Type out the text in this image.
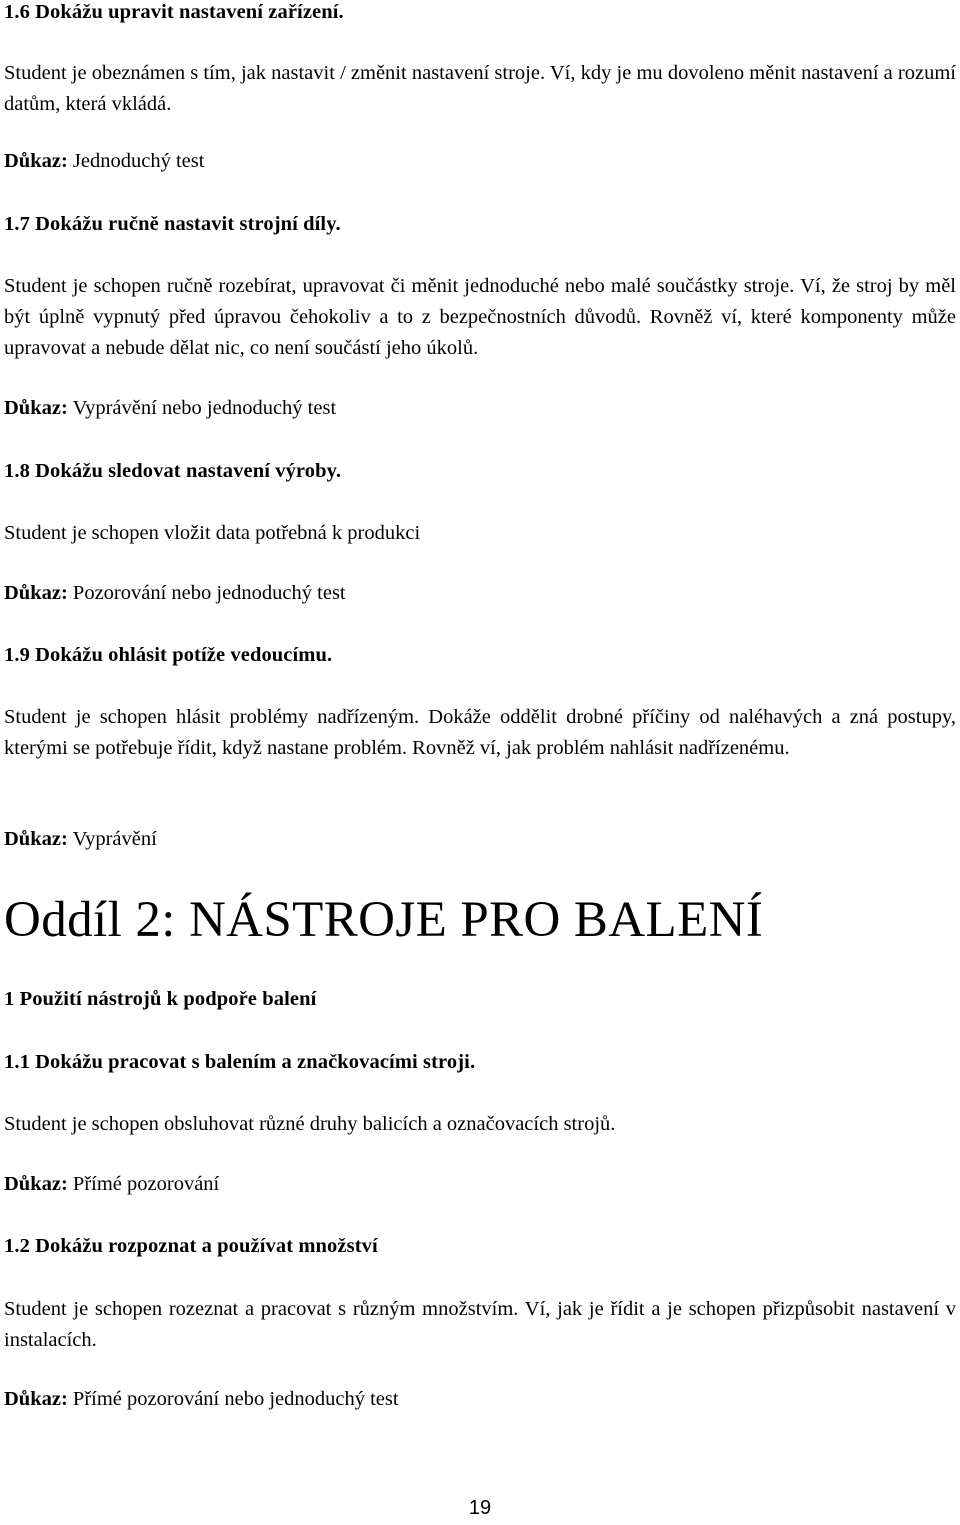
1.6 Dokážu upravit nastavení zařízení.
Student je obeznámen s tím, jak nastavit / změnit nastavení stroje. Ví, kdy je mu dovoleno měnit nastavení a rozumí datům, která vkládá.
Důkaz: Jednoduchý test
1.7 Dokážu ručně nastavit strojní díly.
Student je schopen ručně rozebírat, upravovat či měnit jednoduché nebo malé součástky stroje. Ví, že stroj by měl být úplně vypnutý před úpravou čehokoliv a to z bezpečnostních důvodů. Rovněž ví, které komponenty může upravovat a nebude dělat nic, co není součástí jeho úkolů.
Důkaz: Vyprávění nebo jednoduchý test
1.8 Dokážu sledovat nastavení výroby.
Student je schopen vložit data potřebná k produkci
Důkaz: Pozorování nebo jednoduchý test
1.9 Dokážu ohlásit potíže vedoucímu.
Student je schopen hlásit problémy nadřízeným. Dokáže oddělit drobné příčiny od naléhavých a zná postupy, kterými se potřebuje řídit, když nastane problém. Rovněž ví, jak problém nahlásit nadřízenému.
Důkaz: Vyprávění
Oddíl 2: NÁSTROJE PRO BALENÍ
1 Použití nástrojů k podpoře balení
1.1 Dokážu pracovat s balením a značkovacími stroji.
Student je schopen obsluhovat různé druhy balicích a označovacích strojů.
Důkaz: Přímé pozorování
1.2 Dokážu rozpoznat a používat množství
Student je schopen rozeznat a pracovat s různým množstvím. Ví, jak je řídit a je schopen přizpůsobit nastavení v instalacích.
Důkaz: Přímé pozorování nebo jednoduchý test
19
